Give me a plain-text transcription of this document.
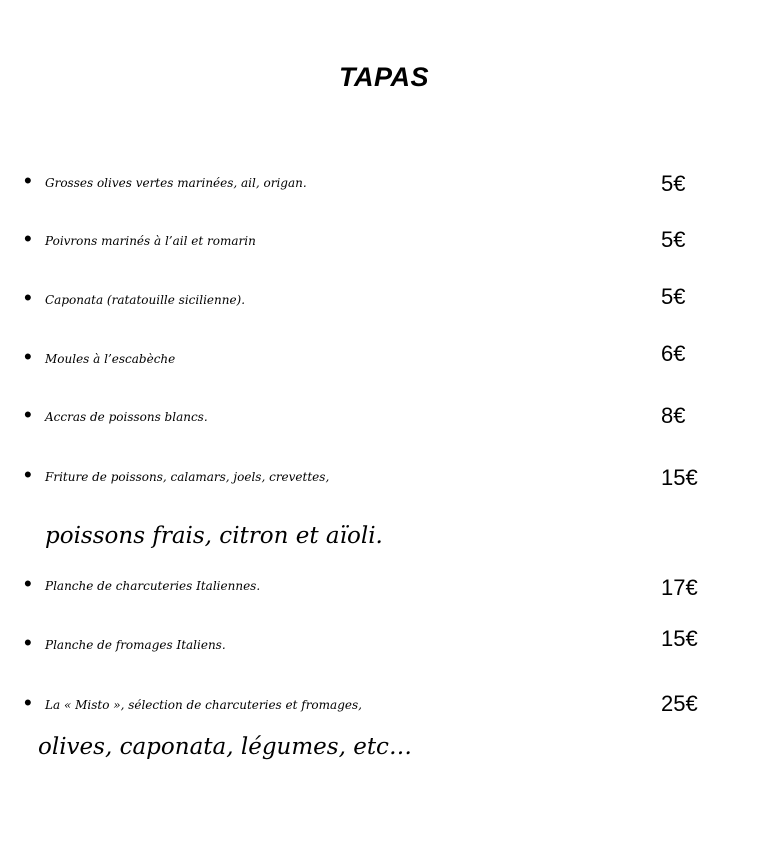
TAPAS
• Grosses olives vertes marinées, ail, origan.	5€
• Poivrons marinés à l’ail et romarin	5€
• Caponata (ratatouille sicilienne).	5€
• Moules à l’escabèche	6€
• Accras de poissons blancs.	8€
• Friture de poissons, calamars, joels, crevettes,
poissons frais, citron et aïoli.
15€
• Planche de charcuteries Italiennes.	17€
• Planche de fromages Italiens.	15€
• La « Misto », sélection de charcuteries et fromages,
olives, caponata, légumes, etc…
25€
